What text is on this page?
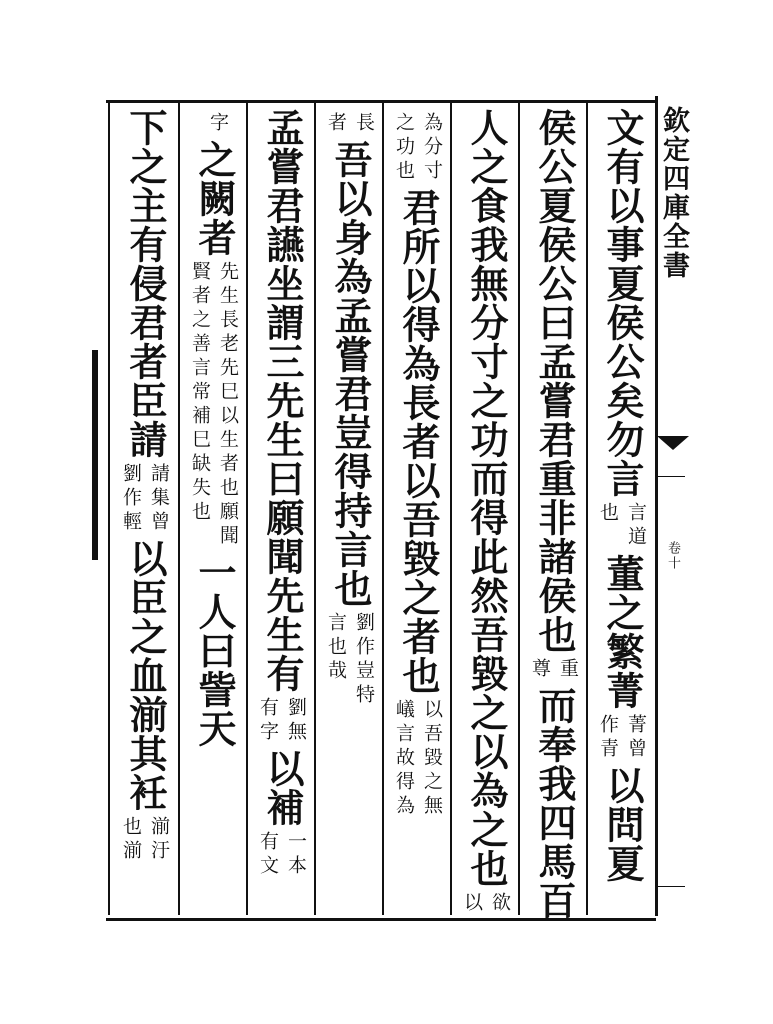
欽定四庫全書
卷十
文有以事夏侯公矣勿言
言道
也
董之繁菁
菁曾
作青
以問夏
侯公夏侯公曰孟嘗君重非諸侯也
重
尊
而奉我四馬百
人之食我無分寸之功而得此然吾毀之以為之也
欲
以
為分寸
之功也
君所以得為長者以吾毀之者也
以吾毀之無
嶬言故得為
長
者
吾以身為孟嘗君豈得持言也
劉作豈特
言也哉
孟嘗君讌坐謂三先生曰願聞先生有
劉無
有字
以補
一本
有文
字
之闕者
先生長老先巳以生者也願聞
賢者之善言常補巳缺失也
一人曰訾天
下之主有侵君者臣請
請集曾
劉作輕
以臣之血湔其衽
湔汙
也湔
